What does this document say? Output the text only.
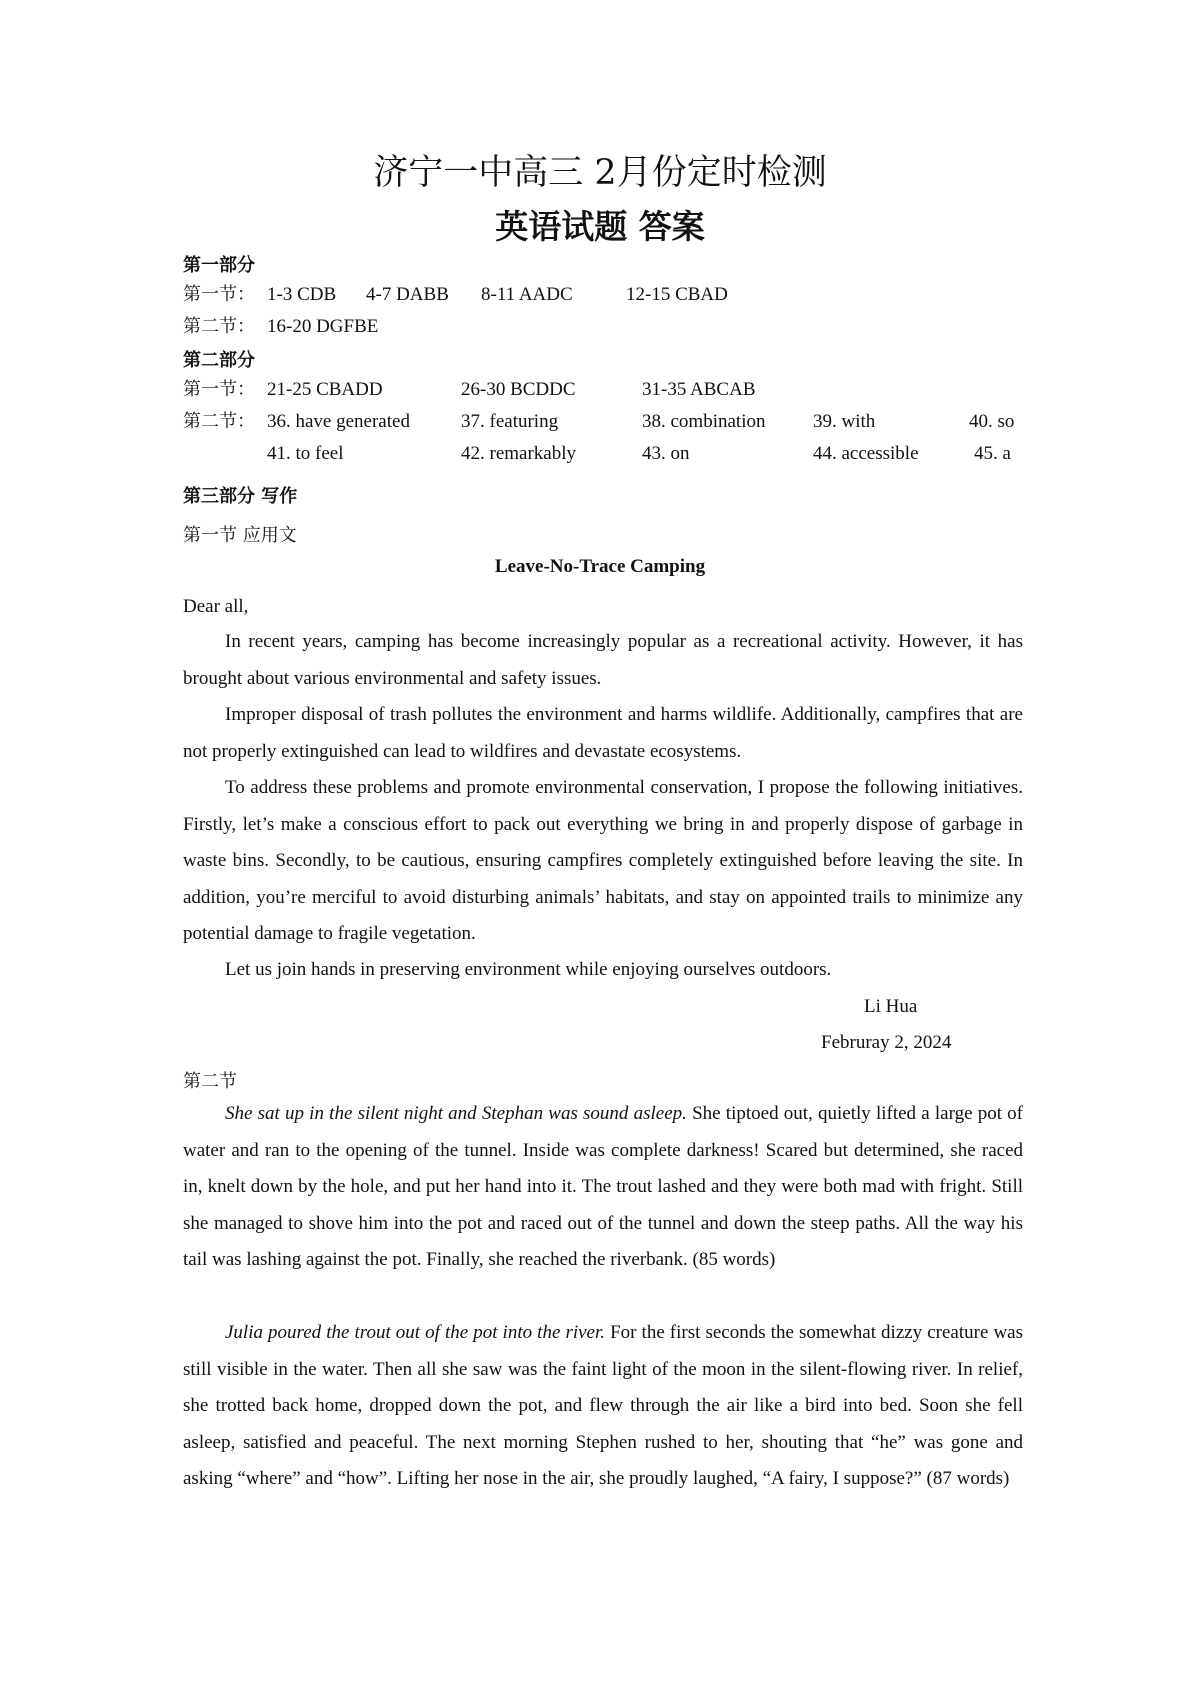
济宁一中高三 2月份定时检测
英语试题 答案
第一部分
第一节： 1-3 CDB 4-7 DABB 8-11 AADC	12-15 CBAD
第二节： 16-20 DGFBE
第二部分
第一节： 21-25 CBADD	26-30 BCDDC	31-35 ABCAB
第二节： 36. have generated	37. featuring	38. combination	39. with	40. so
41. to feel	42. remarkably	43. on	44. accessible	45. a
第三部分 写作
第一节 应用文
Leave-No-Trace Camping
Dear all,

In recent years, camping has become increasingly popular as a recreational activity. However, it has brought about various environmental and safety issues.

Improper disposal of trash pollutes the environment and harms wildlife. Additionally, campfires that are not properly extinguished can lead to wildfires and devastate ecosystems.

To address these problems and promote environmental conservation, I propose the following initiatives. Firstly, let’s make a conscious effort to pack out everything we bring in and properly dispose of garbage in waste bins. Secondly, to be cautious, ensuring campfires completely extinguished before leaving the site. In addition, you’re merciful to avoid disturbing animals’ habitats, and stay on appointed trails to minimize any potential damage to fragile vegetation.

Let us join hands in preserving environment while enjoying ourselves outdoors.

Li Hua
Februray 2, 2024
第二节

She sat up in the silent night and Stephan was sound asleep. She tiptoed out, quietly lifted a large pot of water and ran to the opening of the tunnel. Inside was complete darkness! Scared but determined, she raced in, knelt down by the hole, and put her hand into it. The trout lashed and they were both mad with fright. Still she managed to shove him into the pot and raced out of the tunnel and down the steep paths. All the way his tail was lashing against the pot. Finally, she reached the riverbank. (85 words)

Julia poured the trout out of the pot into the river. For the first seconds the somewhat dizzy creature was still visible in the water. Then all she saw was the faint light of the moon in the silent-flowing river. In relief, she trotted back home, dropped down the pot, and flew through the air like a bird into bed. Soon she fell asleep, satisfied and peaceful. The next morning Stephen rushed to her, shouting that “he” was gone and asking “where” and “how”. Lifting her nose in the air, she proudly laughed, “A fairy, I suppose?” (87 words)
